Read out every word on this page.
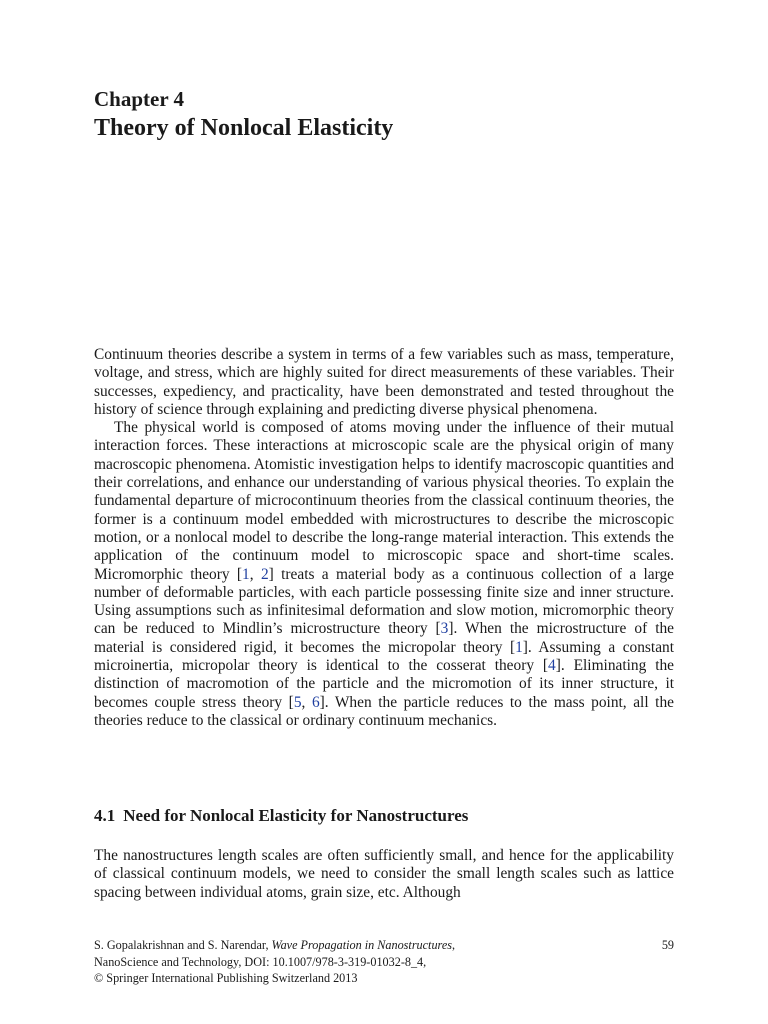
Chapter 4
Theory of Nonlocal Elasticity

Continuum theories describe a system in terms of a few variables such as mass, temperature, voltage, and stress, which are highly suited for direct measurements of these variables. Their successes, expediency, and practicality, have been demonstrated and tested throughout the history of science through explaining and predicting diverse physical phenomena.

The physical world is composed of atoms moving under the influence of their mutual interaction forces. These interactions at microscopic scale are the physical origin of many macroscopic phenomena. Atomistic investigation helps to identify macroscopic quantities and their correlations, and enhance our understanding of various physical theories. To explain the fundamental departure of microcontinuum theories from the classical continuum theories, the former is a continuum model embedded with microstructures to describe the microscopic motion, or a nonlocal model to describe the long-range material interaction. This extends the application of the continuum model to microscopic space and short-time scales. Micromorphic theory [1, 2] treats a material body as a continuous collection of a large number of deformable particles, with each particle possessing finite size and inner structure. Using assumptions such as infinitesimal deformation and slow motion, micromorphic theory can be reduced to Mindlin’s microstructure theory [3]. When the microstructure of the material is considered rigid, it becomes the micropolar theory [1]. Assuming a constant microinertia, micropolar theory is identical to the cosserat theory [4]. Eliminating the distinction of macromotion of the particle and the micromotion of its inner structure, it becomes couple stress theory [5, 6]. When the particle reduces to the mass point, all the theories reduce to the classical or ordinary continuum mechanics.

4.1 Need for Nonlocal Elasticity for Nanostructures

The nanostructures length scales are often sufficiently small, and hence for the applicability of classical continuum models, we need to consider the small length scales such as lattice spacing between individual atoms, grain size, etc. Although

S. Gopalakrishnan and S. Narendar, Wave Propagation in Nanostructures,
NanoScience and Technology, DOI: 10.1007/978-3-319-01032-8_4,
© Springer International Publishing Switzerland 2013
59
